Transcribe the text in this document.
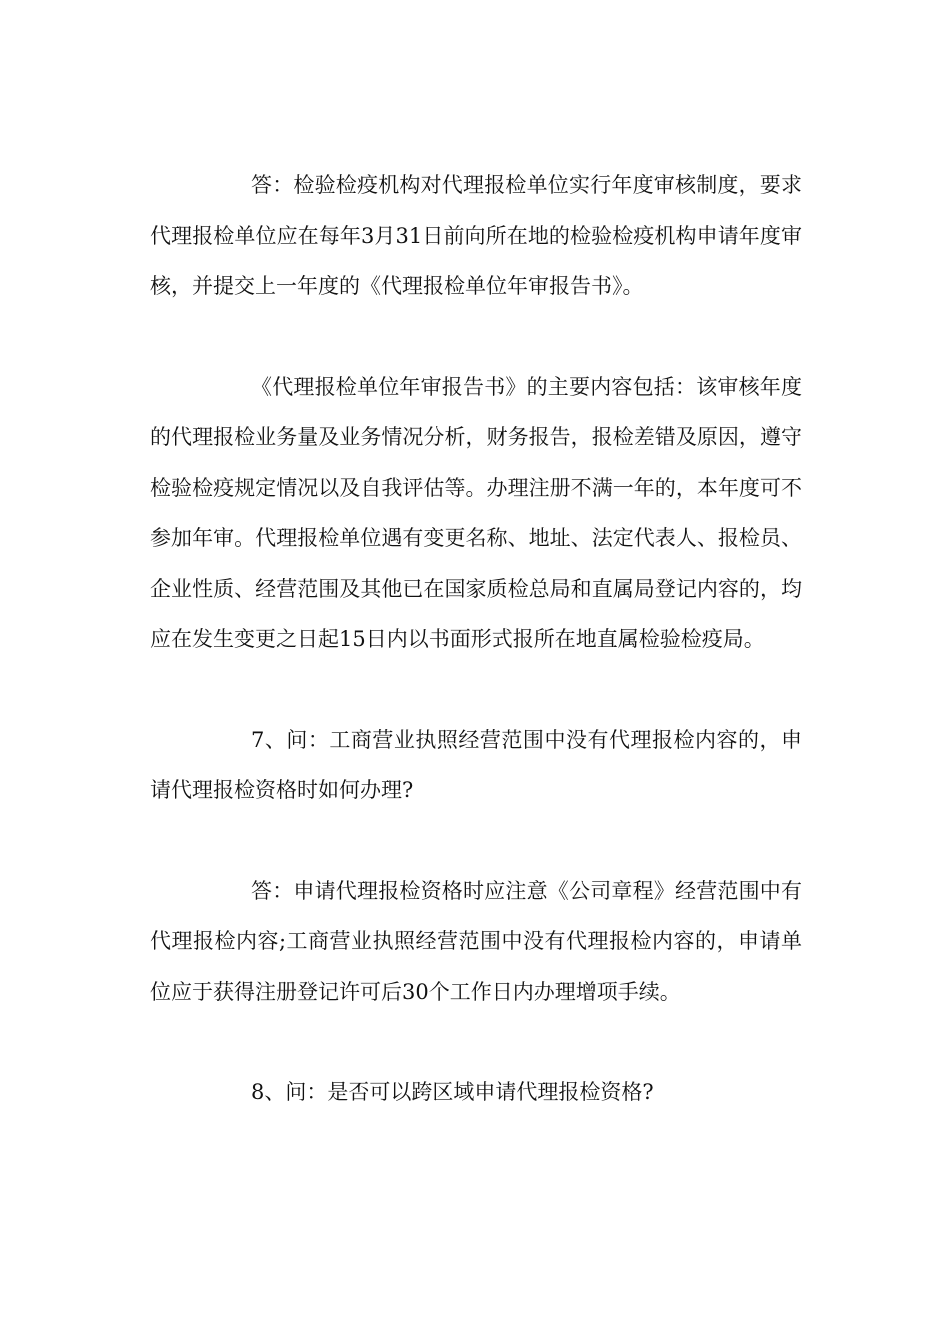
答：检验检疫机构对代理报检单位实行年度审核制度，要求代理报检单位应在每年3月31日前向所在地的检验检疫机构申请年度审核，并提交上一年度的《代理报检单位年审报告书》。

《代理报检单位年审报告书》的主要内容包括：该审核年度的代理报检业务量及业务情况分析，财务报告，报检差错及原因，遵守检验检疫规定情况以及自我评估等。办理注册不满一年的，本年度可不参加年审。代理报检单位遇有变更名称、地址、法定代表人、报检员、企业性质、经营范围及其他已在国家质检总局和直属局登记内容的，均应在发生变更之日起15日内以书面形式报所在地直属检验检疫局。

7、问：工商营业执照经营范围中没有代理报检内容的，申请代理报检资格时如何办理?

答：申请代理报检资格时应注意《公司章程》经营范围中有代理报检内容;工商营业执照经营范围中没有代理报检内容的，申请单位应于获得注册登记许可后30个工作日内办理增项手续。

8、问：是否可以跨区域申请代理报检资格?
